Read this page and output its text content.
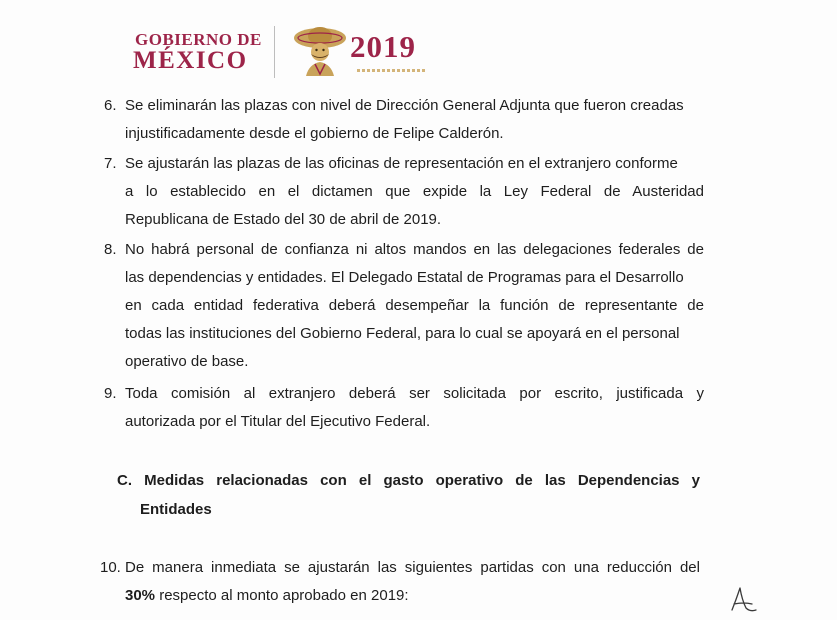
GOBIERNO DE
MÉXICO	2019
6. Se eliminarán las plazas con nivel de Dirección General Adjunta que fueron creadas
injustificadamente desde el gobierno de Felipe Calderón.
7. Se ajustarán las plazas de las oficinas de representación en el extranjero conforme
a lo establecido en el dictamen que expide la Ley Federal de Austeridad
Republicana de Estado del 30 de abril de 2019.
8. No habrá personal de confianza ni altos mandos en las delegaciones federales de
las dependencias y entidades. El Delegado Estatal de Programas para el Desarrollo
en cada entidad federativa deberá desempeñar la función de representante de
todas las instituciones del Gobierno Federal, para lo cual se apoyará en el personal
operativo de base.
9. Toda comisión al extranjero deberá ser solicitada por escrito, justificada y
autorizada por el Titular del Ejecutivo Federal.
C. Medidas relacionadas con el gasto operativo de las Dependencias y
Entidades
10. De manera inmediata se ajustarán las siguientes partidas con una reducción del
30% respecto al monto aprobado en 2019:
